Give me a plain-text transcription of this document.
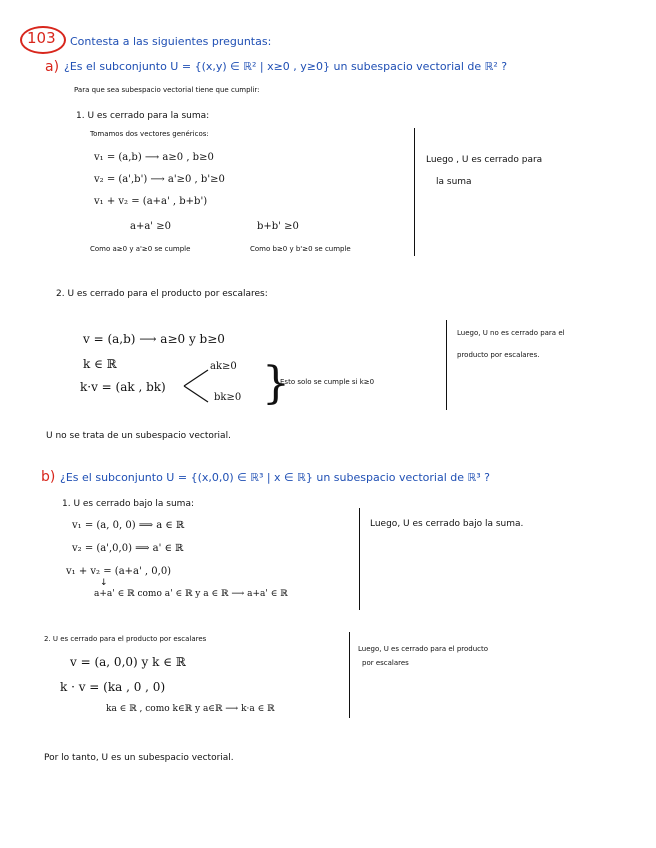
103 Contesta a las siguientes preguntas:
a) ¿Es el subconjunto U = {(x,y) ∈ ℝ² | x≥0 , y≥0} un subespacio vectorial de ℝ² ?
Para que sea subespacio vectorial tiene que cumplir:
1. U es cerrado para la suma:
Tomamos dos vectores genéricos:
v₁ = (a,b) ⟶ a≥0 , b≥0
v₂ = (a',b') ⟶ a'≥0 , b'≥0
v₁ + v₂ = (a+a' , b+b')
a+a' ≥0	b+b' ≥0
Como a≥0 y a'≥0 se cumple	Como b≥0 y b'≥0 se cumple
Luego , U es cerrado para
la suma
2. U es cerrado para el producto por escalares:
v = (a,b) ⟶ a≥0 y b≥0
k ∈ ℝ
k·v = (ak , bk)
ak≥0
bk≥0 }
Esto solo se cumple si k≥0
Luego, U no es cerrado para el
producto por escalares.
U no se trata de un subespacio vectorial.
b) ¿Es el subconjunto U = {(x,0,0) ∈ ℝ³ | x ∈ ℝ} un subespacio vectorial de ℝ³ ?
1. U es cerrado bajo la suma:
v₁ = (a, 0, 0) ⟹ a ∈ ℝ
v₂ = (a',0,0) ⟹ a' ∈ ℝ
v₁ + v₂ = (a+a' , 0,0)
↓
a+a' ∈ ℝ como a' ∈ ℝ y a ∈ ℝ ⟶ a+a' ∈ ℝ
Luego, U es cerrado bajo la suma.
2. U es cerrado para el producto por escalares
v = (a, 0,0) y k ∈ ℝ
k · v = (ka , 0 , 0)
ka ∈ ℝ , como k∈ℝ y a∈ℝ ⟶ k·a ∈ ℝ
Luego, U es cerrado para el producto
por escalares
Por lo tanto, U es un subespacio vectorial.
